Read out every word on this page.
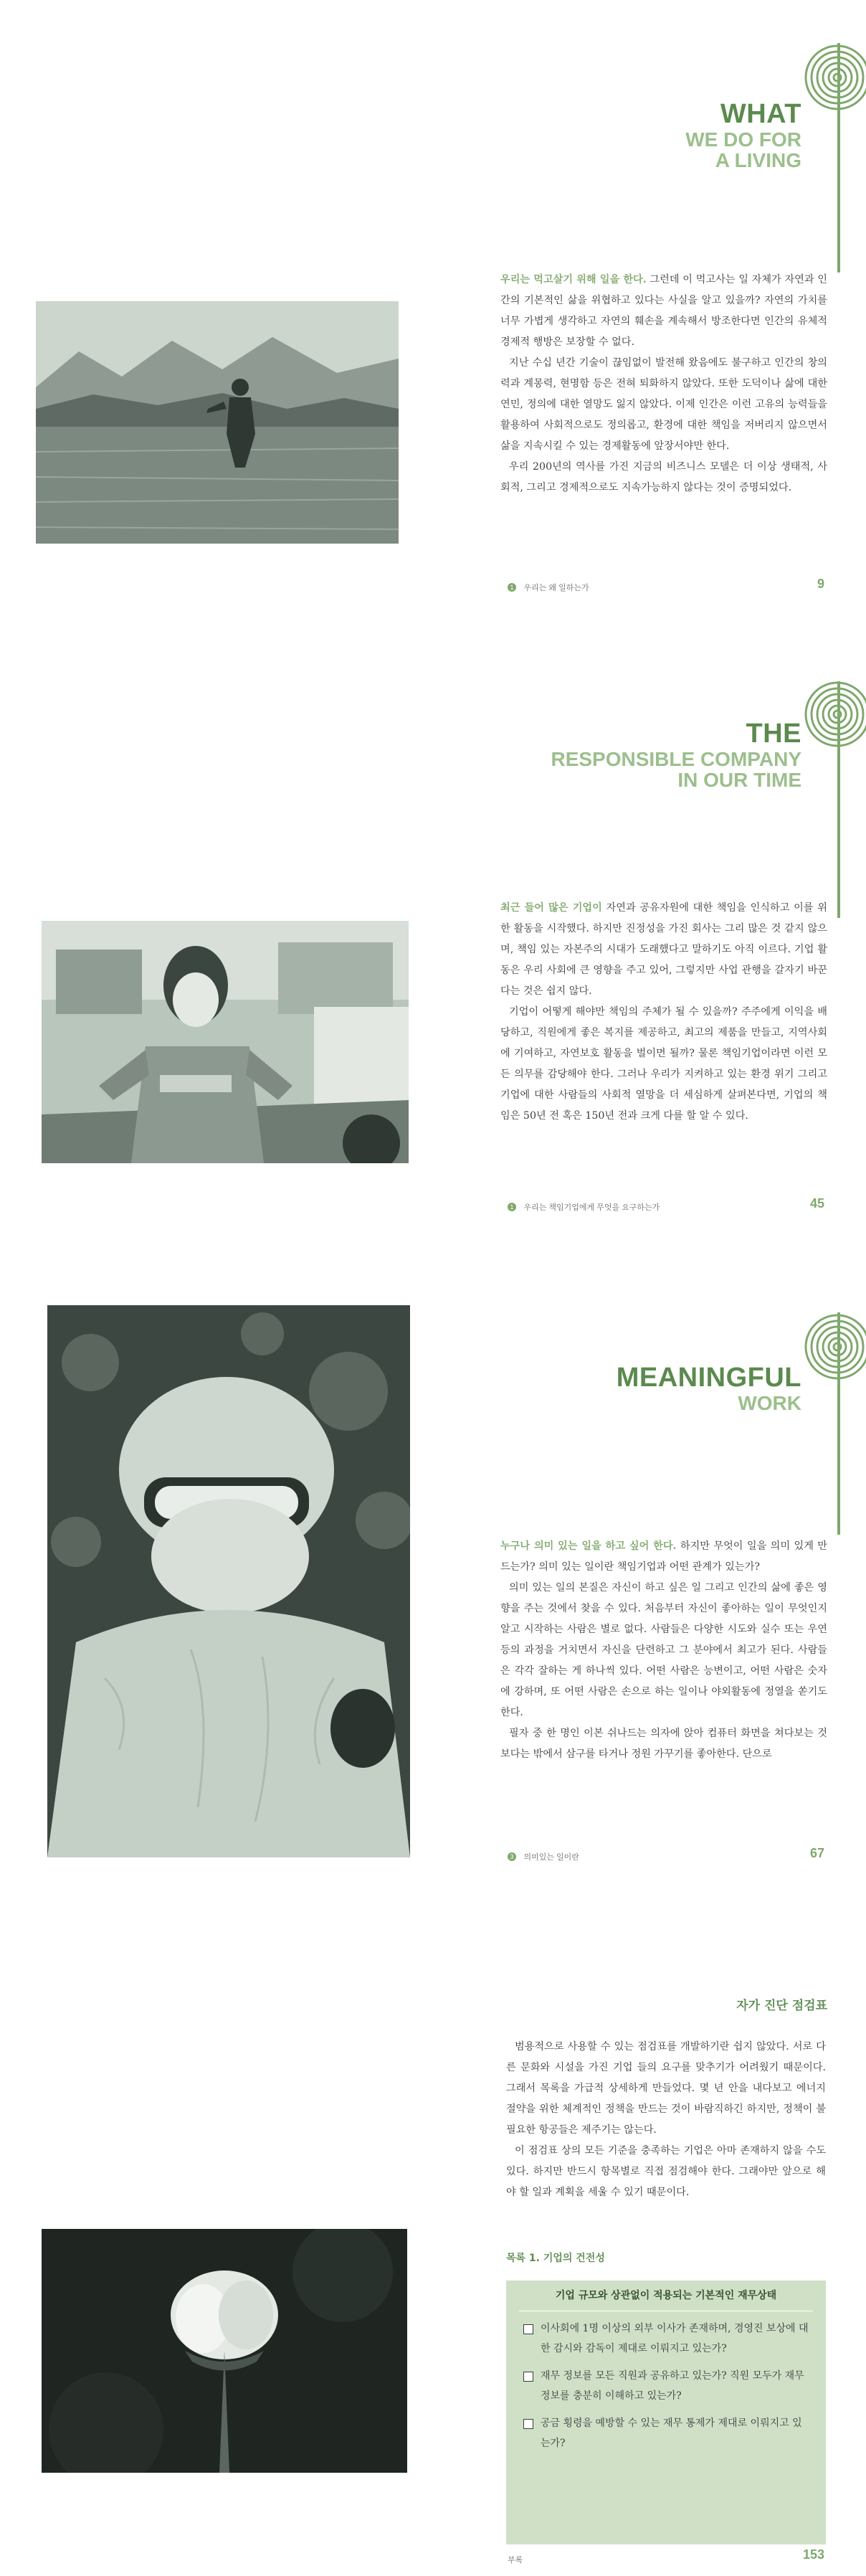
WHAT
WE DO FOR
A LIVING

우리는 먹고살기 위해 일을 한다. 그런데 이 먹고사는 일 자체가 자연과 인간의 기본적인 삶을 위협하고 있다는 사실을 알고 있을까? 자연의 가치를 너무 가볍게 생각하고 자연의 훼손을 계속해서 방조한다면 인간의 유체적 경제적 행방은 보장할 수 없다.

지난 수십 년간 기술이 끊임없이 발전해 왔음에도 불구하고 인간의 창의력과 계몽력, 현명함 등은 전혀 퇴화하지 않았다. 또한 도덕이나 삶에 대한 연민, 정의에 대한 열망도 잃지 않았다. 이제 인간은 이런 고유의 능력들을 활용하여 사회적으로도 정의롭고, 환경에 대한 책임을 저버리지 않으면서 삶을 지속시킬 수 있는 경제활동에 앞장서야만 한다.

우리 200년의 역사를 가진 지금의 비즈니스 모델은 더 이상 생태적, 사회적, 그리고 경제적으로도 지속가능하지 않다는 것이 증명되었다.

1 우리는 왜 일하는가	9
THE
RESPONSIBLE COMPANY
IN OUR TIME

최근 들어 많은 기업이 자연과 공유자원에 대한 책임을 인식하고 이를 위한 활동을 시작했다. 하지만 진정성을 가진 회사는 그리 많은 것 같지 않으며, 책임 있는 자본주의 시대가 도래했다고 말하기도 아직 이르다. 기업 활동은 우리 사회에 큰 영향을 주고 있어, 그렇지만 사업 관행을 갈자기 바꾼다는 것은 쉽지 않다.

기업이 어떻게 해야만 책임의 주체가 될 수 있을까? 주주에게 이익을 배당하고, 직원에게 좋은 복지를 제공하고, 최고의 제품을 만들고, 지역사회에 기여하고, 자연보호 활동을 벌이면 될까? 물론 책임기업이라면 이런 모든 의무를 감당해야 한다. 그러나 우리가 지켜하고 있는 환경 위기 그리고 기업에 대한 사람들의 사회적 열망을 더 세심하게 살펴본다면, 기업의 책임은 50년 전 혹은 150년 전과 크게 다를 할 알 수 있다.

1 우리는 책임기업에게 무엇을 요구하는가	45
MEANINGFUL
WORK

누구나 의미 있는 일을 하고 싶어 한다. 하지만 무엇이 일을 의미 있게 만드는가? 의미 있는 일이란 책임기업과 어떤 관계가 있는가?

의미 있는 일의 본질은 자신이 하고 싶은 일 그리고 인간의 삶에 좋은 영향을 주는 것에서 찾을 수 있다. 처음부터 자신이 좋아하는 일이 무엇인지 알고 시작하는 사람은 별로 없다. 사람들은 다양한 시도와 실수 또는 우연 등의 과정을 거치면서 자신을 단련하고 그 분야에서 최고가 된다. 사람들은 각각 잘하는 게 하나씩 있다. 어떤 사람은 능변이고, 어떤 사람은 숫자에 강하며, 또 어떤 사람은 손으로 하는 일이나 야외활동에 정열을 쏟기도 한다.

필자 중 한 명인 이본 쉬나드는 의자에 앉아 컴퓨터 화면을 쳐다보는 것보다는 밖에서 삼구를 타거나 정원 가꾸기를 좋아한다. 단으로

3 의미있는 일이란	67
자가 진단 점검표

범용적으로 사용할 수 있는 점검표를 개발하기란 쉽지 않았다. 서로 다른 문화와 시설을 가진 기업 들의 요구를 맞추기가 어려웠기 때문이다. 그래서 목록을 가급적 상세하게 만들었다. 몇 년 안을 내다보고 에너지 절약을 위한 체계적인 정책을 만드는 것이 바람직하긴 하지만, 정책이 불필요한 항공들은 제주기는 않는다.

이 점검표 상의 모든 기준을 충족하는 기업은 아마 존재하지 않을 수도 있다. 하지만 반드시 항목별로 직접 점검해야 한다. 그래야만 앞으로 해야 할 일과 계획을 세울 수 있기 때문이다.

목록 1. 기업의 건전성
기업 규모와 상관없이 적용되는 기본적인 재무상태
이사회에 1명 이상의 외부 이사가 존재하며, 경영진 보상에 대한 감시와 감독이 제대로 이뤄지고 있는가?
재무 정보를 모든 직원과 공유하고 있는가? 직원 모두가 재무 정보를 충분히 이해하고 있는가?
공금 횡령을 예방할 수 있는 재무 통제가 제대로 이뤄지고 있는가?
부록	153
